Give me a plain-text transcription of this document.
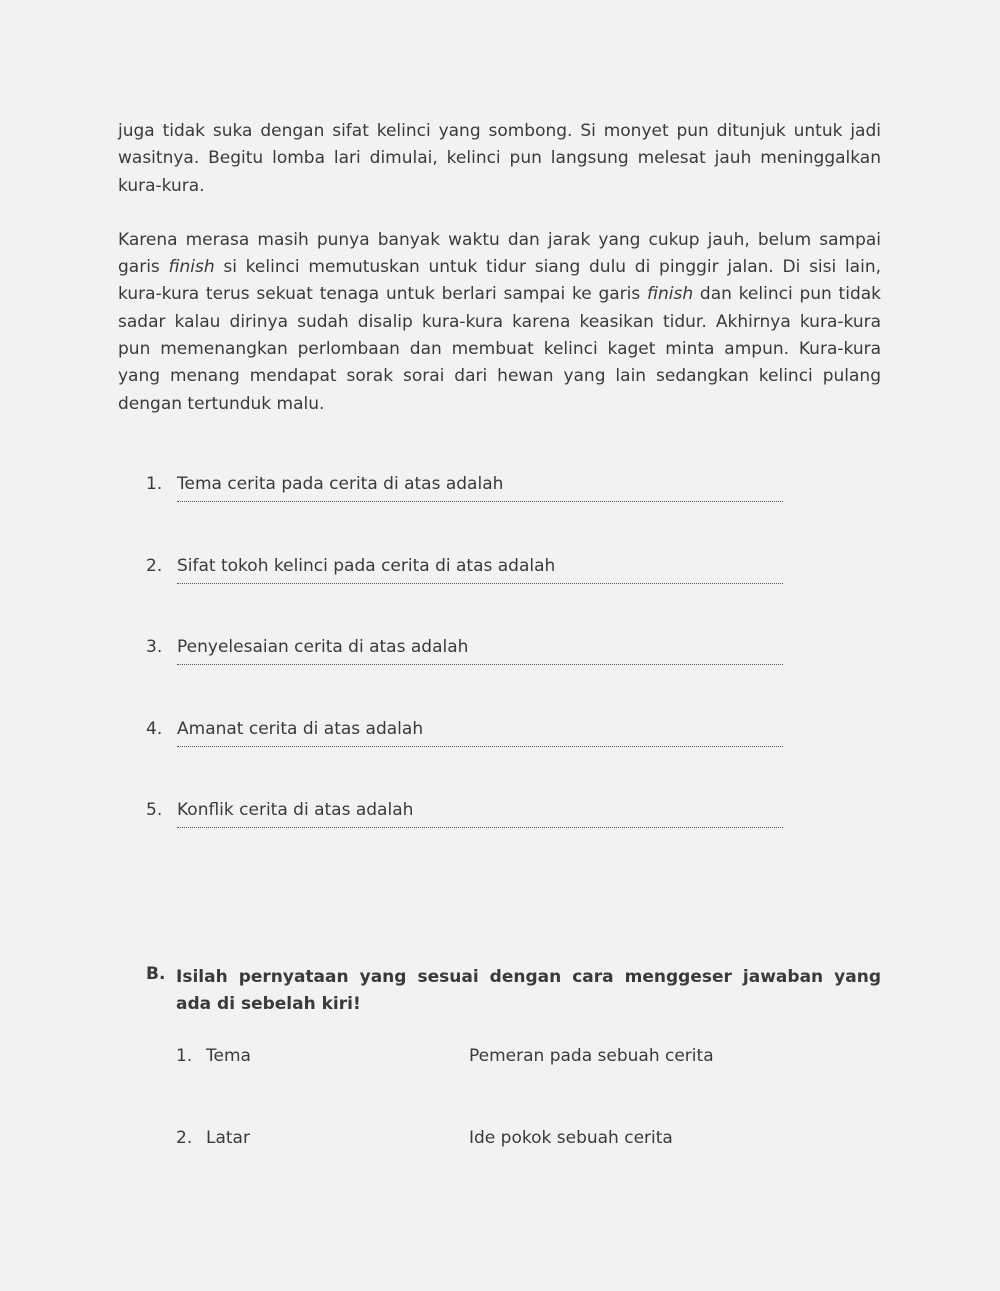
juga tidak suka dengan sifat kelinci yang sombong. Si monyet pun ditunjuk untuk jadi wasitnya. Begitu lomba lari dimulai, kelinci pun langsung melesat jauh meninggalkan kura-kura.

Karena merasa masih punya banyak waktu dan jarak yang cukup jauh, belum sampai garis finish si kelinci memutuskan untuk tidur siang dulu di pinggir jalan. Di sisi lain, kura-kura terus sekuat tenaga untuk berlari sampai ke garis finish dan kelinci pun tidak sadar kalau dirinya sudah disalip kura-kura karena keasikan tidur. Akhirnya kura-kura pun memenangkan perlombaan dan membuat kelinci kaget minta ampun. Kura-kura yang menang mendapat sorak sorai dari hewan yang lain sedangkan kelinci pulang dengan tertunduk malu.

1. Tema cerita pada cerita di atas adalah
2. Sifat tokoh kelinci pada cerita di atas adalah
3. Penyelesaian cerita di atas adalah
4. Amanat cerita di atas adalah
5. Konflik cerita di atas adalah
B. Isilah pernyataan yang sesuai dengan cara menggeser jawaban yang ada di sebelah kiri!
1. Tema	Pemeran pada sebuah cerita
2. Latar	Ide pokok sebuah cerita
